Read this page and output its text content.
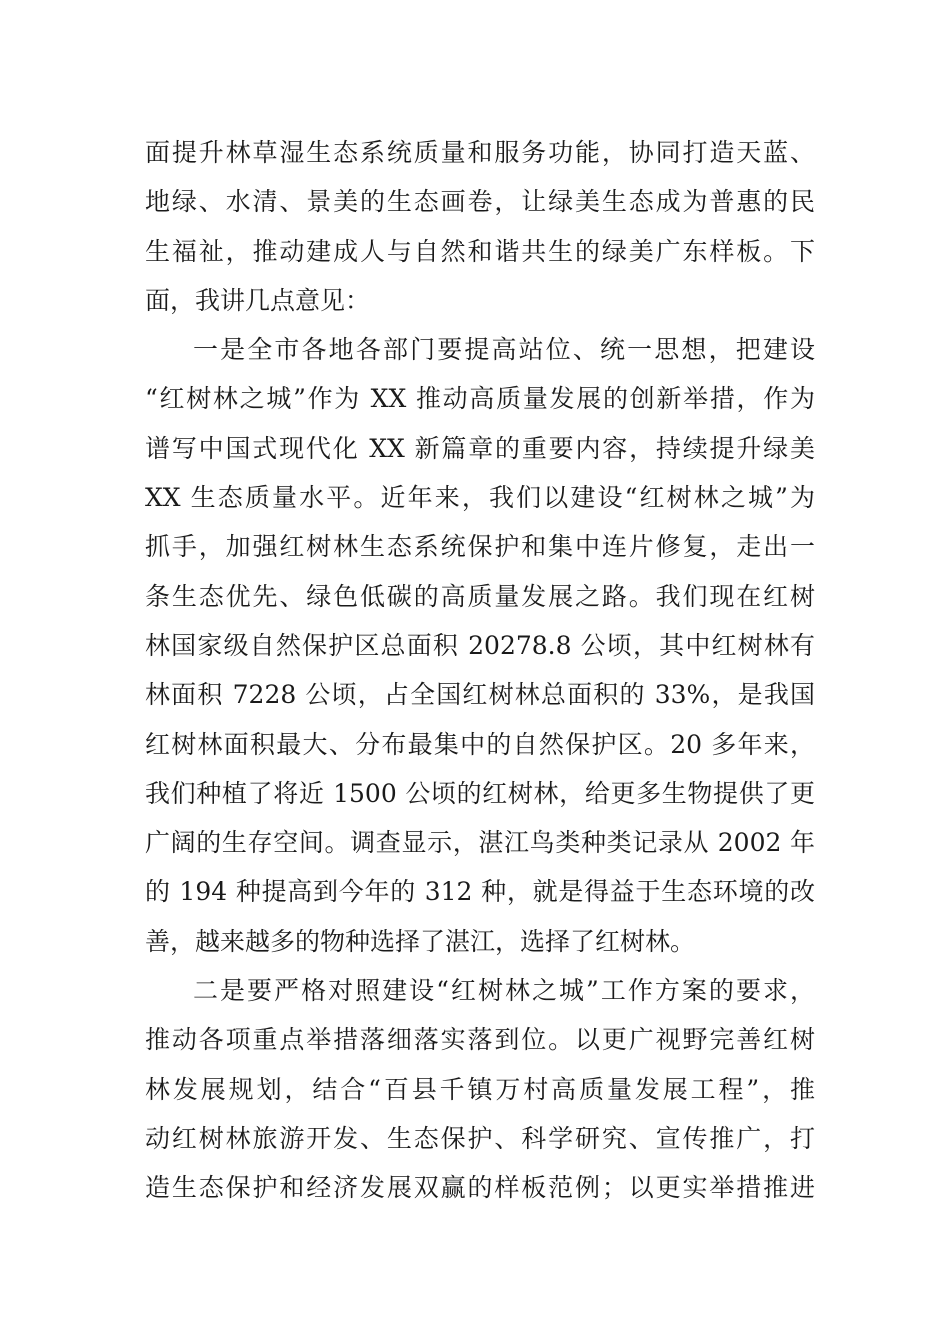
面提升林草湿生态系统质量和服务功能，协同打造天蓝、
地绿、水清、景美的生态画卷，让绿美生态成为普惠的民
生福祉，推动建成人与自然和谐共生的绿美广东样板。下
面，我讲几点意见：
一是全市各地各部门要提高站位、统一思想，把建设
“红树林之城”作为 XX 推动高质量发展的创新举措，作为
谱写中国式现代化 XX 新篇章的重要内容，持续提升绿美
XX 生态质量水平。近年来，我们以建设“红树林之城”为
抓手，加强红树林生态系统保护和集中连片修复，走出一
条生态优先、绿色低碳的高质量发展之路。我们现在红树
林国家级自然保护区总面积 20278.8 公顷，其中红树林有
林面积 7228 公顷，占全国红树林总面积的 33%，是我国
红树林面积最大、分布最集中的自然保护区。20 多年来，
我们种植了将近 1500 公顷的红树林，给更多生物提供了更
广阔的生存空间。调查显示，湛江鸟类种类记录从 2002 年
的 194 种提高到今年的 312 种，就是得益于生态环境的改
善，越来越多的物种选择了湛江，选择了红树林。
二是要严格对照建设“红树林之城”工作方案的要求，
推动各项重点举措落细落实落到位。以更广视野完善红树
林发展规划，结合“百县千镇万村高质量发展工程”，推
动红树林旅游开发、生态保护、科学研究、宣传推广，打
造生态保护和经济发展双赢的样板范例；以更实举措推进
